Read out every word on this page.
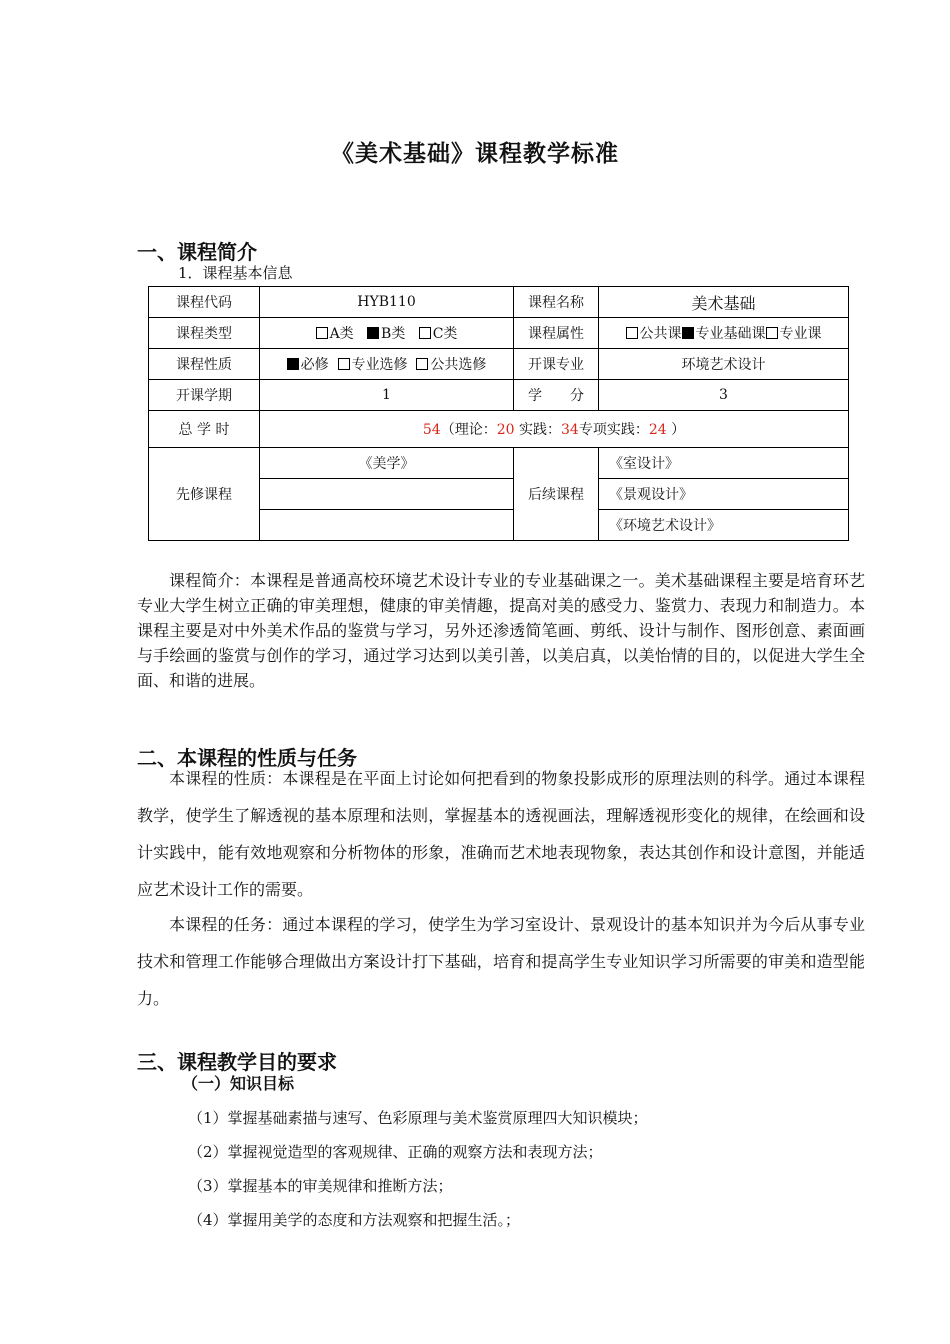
《美术基础》课程教学标准
一、课程简介
1．课程基本信息
课程代码	HYB110	课程名称	美术基础
课程类型	A类 B类 C类	课程属性	公共课 专业基础课 专业课
课程性质	必修 专业选修 公共选修	开课专业	环境艺术设计
开课学期	1	学　　分	3
总 学 时	54（理论：20 实践：34专项实践：24 ）		
先修课程	《美学》	后续课程	《室设计》
			《景观设计》
			《环境艺术设计》
课程简介：本课程是普通高校环境艺术设计专业的专业基础课之一。美术基础课程主要是培育环艺专业大学生树立正确的审美理想，健康的审美情趣，提高对美的感受力、鉴赏力、表现力和制造力。本课程主要是对中外美术作品的鉴赏与学习，另外还渗透简笔画、剪纸、设计与制作、图形创意、素面画与手绘画的鉴赏与创作的学习，通过学习达到以美引善，以美启真，以美怡情的目的，以促进大学生全面、和谐的进展。
二、本课程的性质与任务
本课程的性质：本课程是在平面上讨论如何把看到的物象投影成形的原理法则的科学。通过本课程教学，使学生了解透视的基本原理和法则，掌握基本的透视画法，理解透视形变化的规律，在绘画和设计实践中，能有效地观察和分析物体的形象，准确而艺术地表现物象，表达其创作和设计意图，并能适应艺术设计工作的需要。
本课程的任务：通过本课程的学习，使学生为学习室设计、景观设计的基本知识并为今后从事专业技术和管理工作能够合理做出方案设计打下基础，培育和提高学生专业知识学习所需要的审美和造型能力。
三、课程教学目的要求
（一）知识目标
（1）掌握基础素描与速写、色彩原理与美术鉴赏原理四大知识模块；
（2）掌握视觉造型的客观规律、正确的观察方法和表现方法；
（3）掌握基本的审美规律和推断方法；
（4）掌握用美学的态度和方法观察和把握生活。；
